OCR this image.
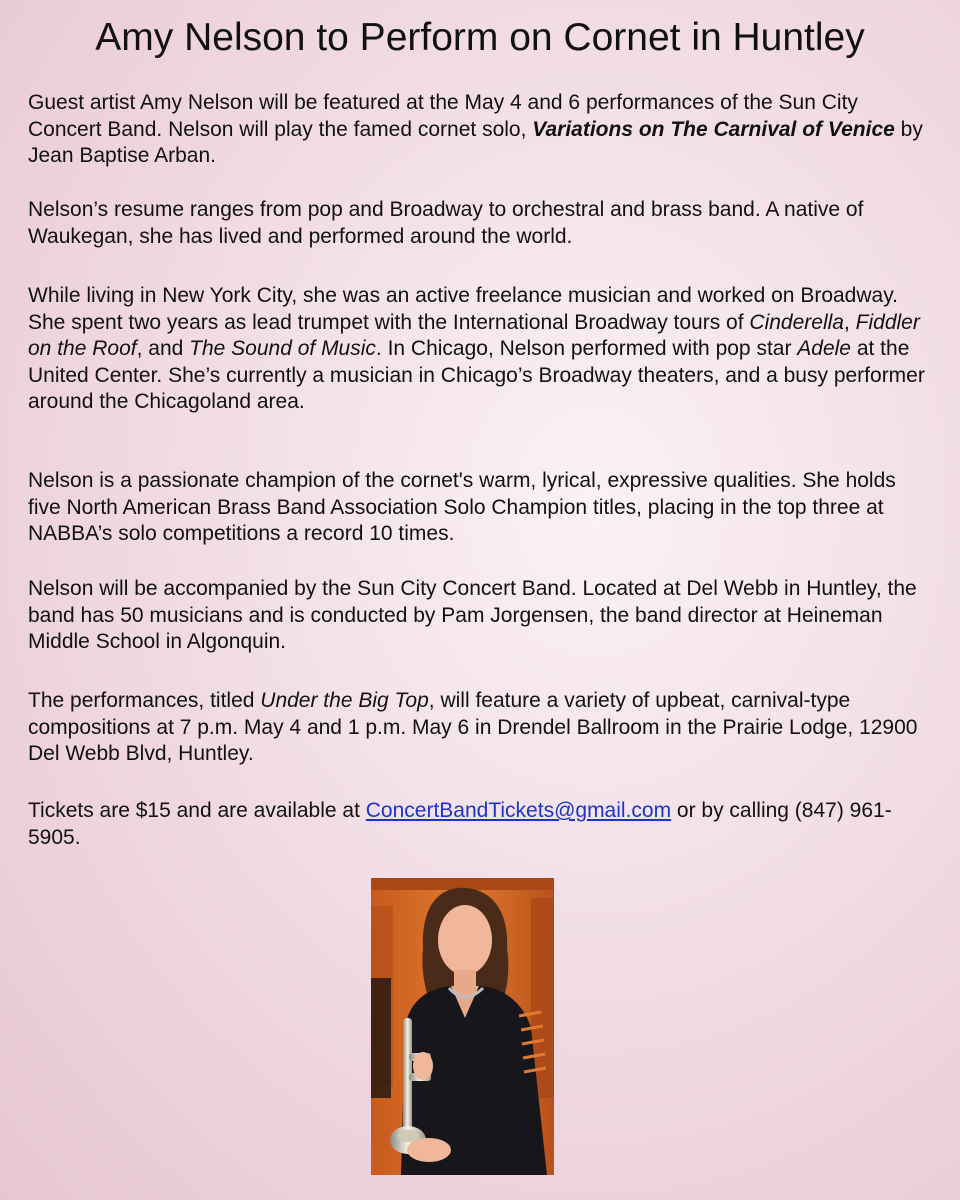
Amy Nelson to Perform on Cornet in Huntley

Guest artist Amy Nelson will be featured at the May 4 and 6 performances of the Sun City Concert Band. Nelson will play the famed cornet solo, Variations on The Carnival of Venice by Jean Baptise Arban.

Nelson’s resume ranges from pop and Broadway to orchestral and brass band. A native of Waukegan, she has lived and performed around the world.

While living in New York City, she was an active freelance musician and worked on Broadway. She spent two years as lead trumpet with the International Broadway tours of Cinderella, Fiddler on the Roof, and The Sound of Music. In Chicago, Nelson performed with pop star Adele at the United Center. She’s currently a musician in Chicago’s Broadway theaters, and a busy performer around the Chicagoland area.

Nelson is a passionate champion of the cornet's warm, lyrical, expressive qualities. She holds five North American Brass Band Association Solo Champion titles, placing in the top three at NABBA’s solo competitions a record 10 times.

Nelson will be accompanied by the Sun City Concert Band. Located at Del Webb in Huntley, the band has 50 musicians and is conducted by Pam Jorgensen, the band director at Heineman Middle School in Algonquin.

The performances, titled Under the Big Top, will feature a variety of upbeat, carnival-type compositions at 7 p.m. May 4 and 1 p.m. May 6 in Drendel Ballroom in the Prairie Lodge, 12900 Del Webb Blvd, Huntley.

Tickets are $15 and are available at ConcertBandTickets@gmail.com or by calling (847) 961-5905.
